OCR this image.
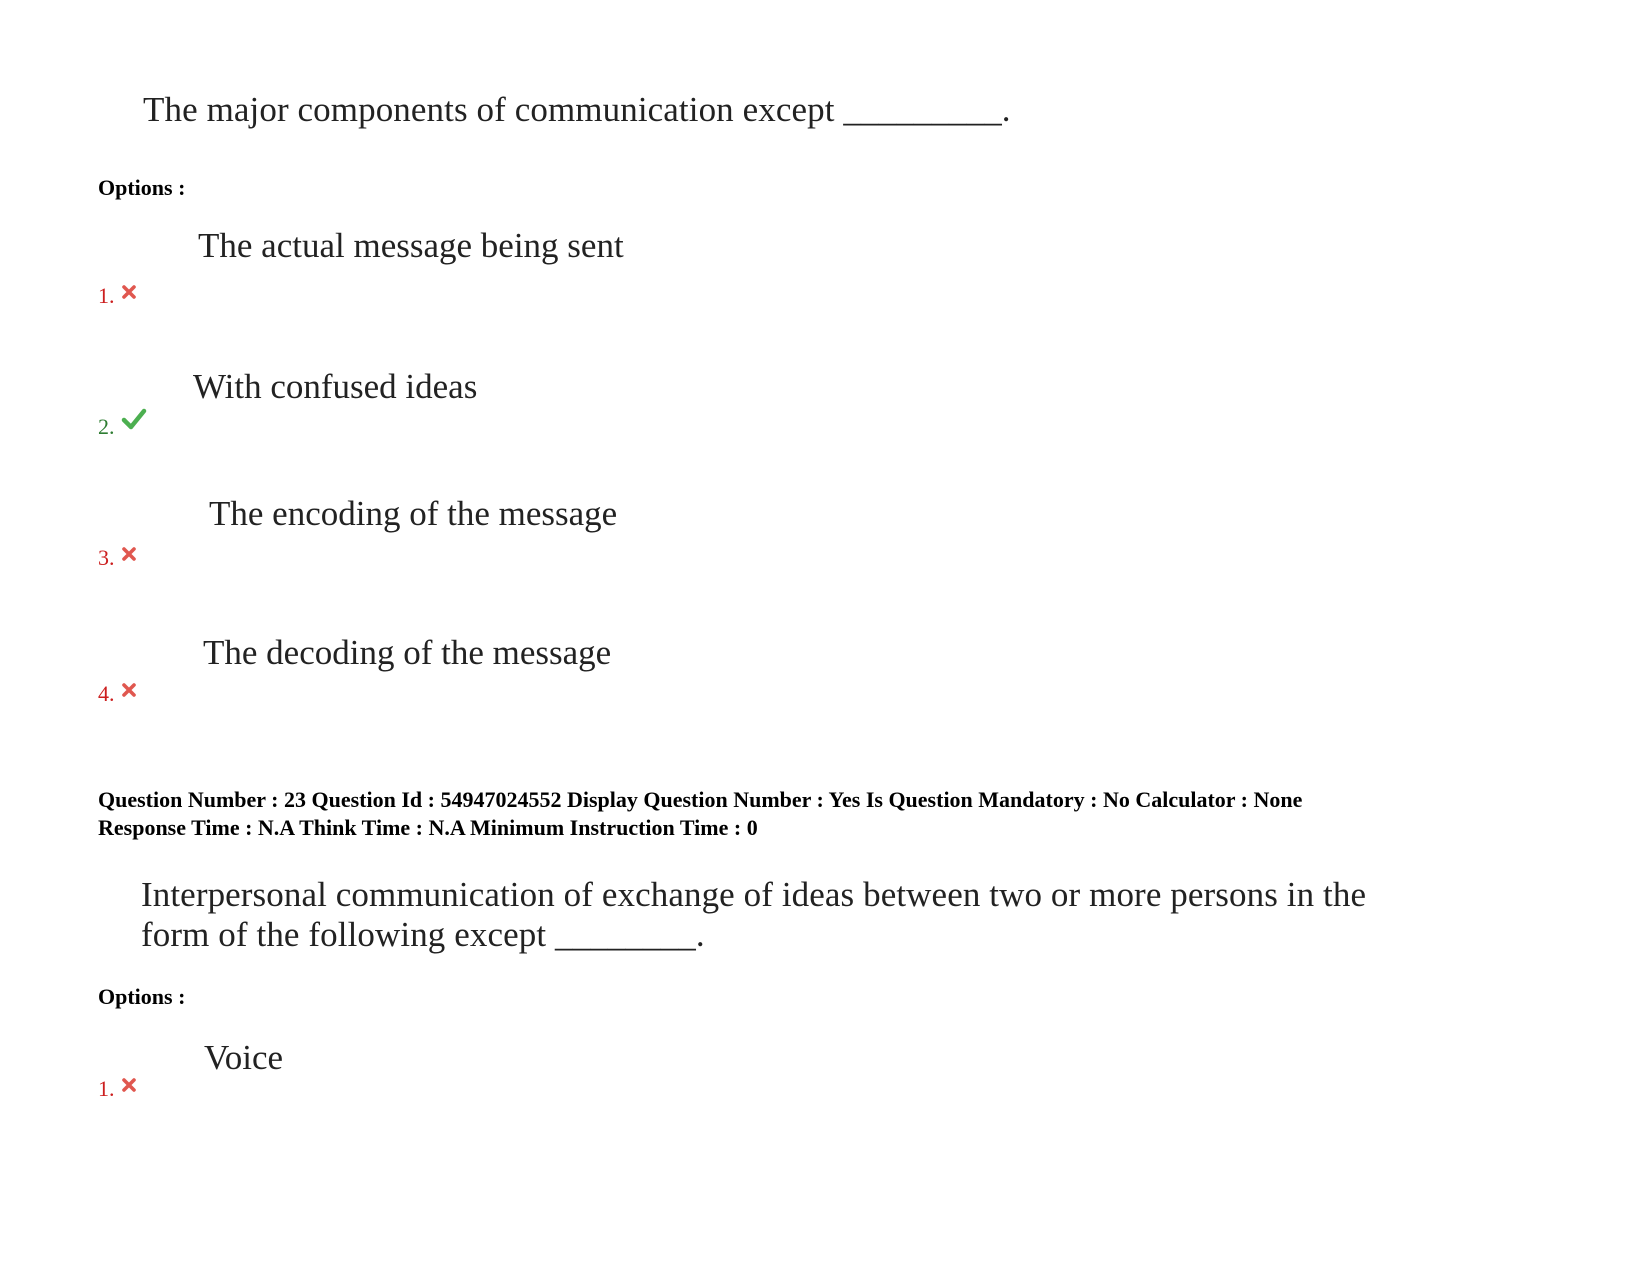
The major components of communication except _________.
Options :
The actual message being sent
1.
With confused ideas
2.
The encoding of the message
3.
The decoding of the message
4.
Question Number : 23 Question Id : 54947024552 Display Question Number : Yes Is Question Mandatory : No Calculator : None
Response Time : N.A Think Time : N.A Minimum Instruction Time : 0
Interpersonal communication of exchange of ideas between two or more persons in the
form of the following except ________.
Options :
Voice
1.
